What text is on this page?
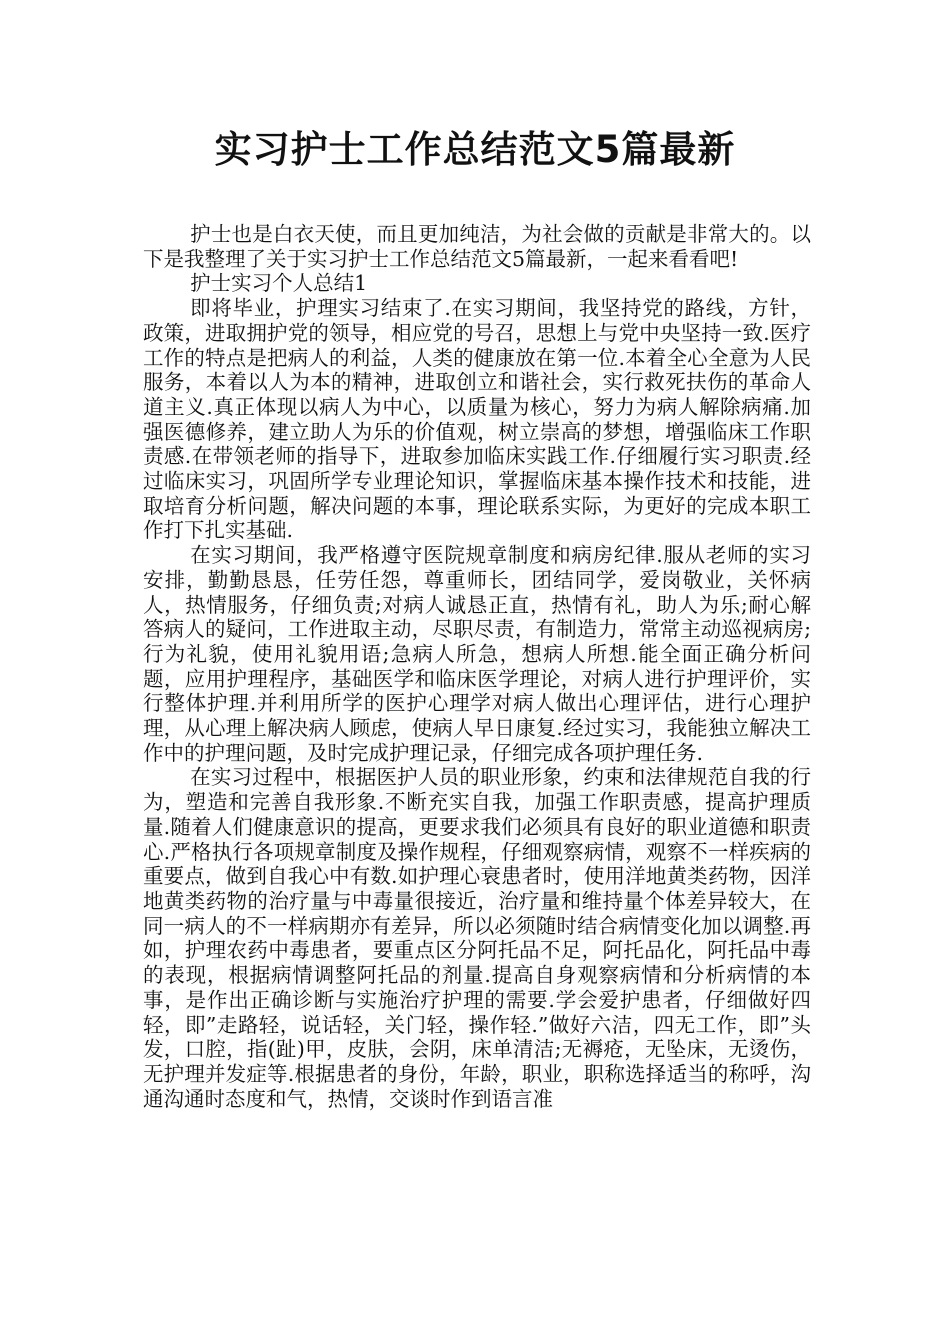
实习护士工作总结范文5篇最新

护士也是白衣天使，而且更加纯洁，为社会做的贡献是非常大的。以下是我整理了关于实习护士工作总结范文5篇最新，一起来看看吧!

护士实习个人总结1

即将毕业，护理实习结束了.在实习期间，我坚持党的路线，方针，政策，进取拥护党的领导，相应党的号召，思想上与党中央坚持一致.医疗工作的特点是把病人的利益，人类的健康放在第一位.本着全心全意为人民服务，本着以人为本的精神，进取创立和谐社会，实行救死扶伤的革命人道主义.真正体现以病人为中心，以质量为核心，努力为病人解除病痛.加强医德修养，建立助人为乐的价值观，树立崇高的梦想，增强临床工作职责感.在带领老师的指导下，进取参加临床实践工作.仔细履行实习职责.经过临床实习，巩固所学专业理论知识，掌握临床基本操作技术和技能，进取培育分析问题，解决问题的本事，理论联系实际，为更好的完成本职工作打下扎实基础.

在实习期间，我严格遵守医院规章制度和病房纪律.服从老师的实习安排，勤勤恳恳，任劳任怨，尊重师长，团结同学，爱岗敬业，关怀病人，热情服务，仔细负责;对病人诚恳正直，热情有礼，助人为乐;耐心解答病人的疑问，工作进取主动，尽职尽责，有制造力，常常主动巡视病房;行为礼貌，使用礼貌用语;急病人所急，想病人所想.能全面正确分析问题，应用护理程序，基础医学和临床医学理论，对病人进行护理评价，实行整体护理.并利用所学的医护心理学对病人做出心理评估，进行心理护理，从心理上解决病人顾虑，使病人早日康复.经过实习，我能独立解决工作中的护理问题，及时完成护理记录，仔细完成各项护理任务.

在实习过程中，根据医护人员的职业形象，约束和法律规范自我的行为，塑造和完善自我形象.不断充实自我，加强工作职责感，提高护理质量.随着人们健康意识的提高，更要求我们必须具有良好的职业道德和职责心.严格执行各项规章制度及操作规程，仔细观察病情，观察不一样疾病的重要点，做到自我心中有数.如护理心衰患者时，使用洋地黄类药物，因洋地黄类药物的治疗量与中毒量很接近，治疗量和维持量个体差异较大，在同一病人的不一样病期亦有差异，所以必须随时结合病情变化加以调整.再如，护理农药中毒患者，要重点区分阿托品不足，阿托品化，阿托品中毒的表现，根据病情调整阿托品的剂量.提高自身观察病情和分析病情的本事，是作出正确诊断与实施治疗护理的需要.学会爱护患者，仔细做好四轻，即”走路轻，说话轻，关门轻，操作轻.”做好六洁，四无工作，即”头发，口腔，指(趾)甲，皮肤，会阴，床单清洁;无褥疮，无坠床，无烫伤，无护理并发症等.根据患者的身份，年龄，职业，职称选择适当的称呼，沟通沟通时态度和气，热情，交谈时作到语言准
